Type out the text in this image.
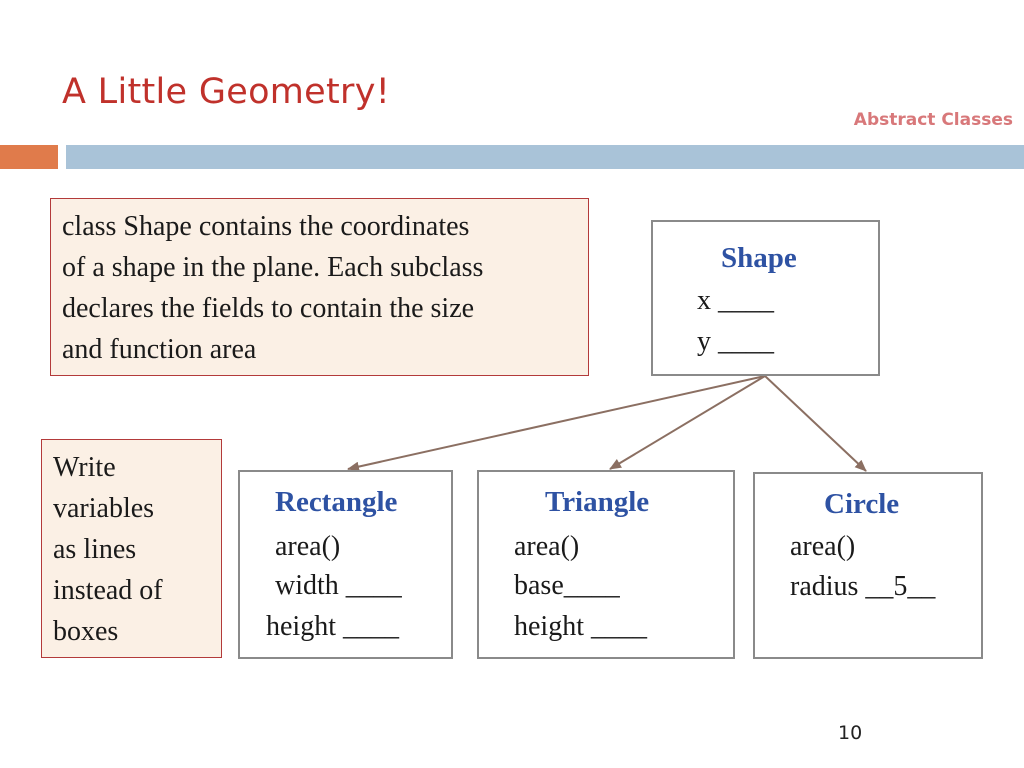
A Little Geometry!
Abstract Classes
class Shape contains the coordinates
of a shape in the plane. Each subclass
declares the fields to contain the size
and function area
Write
variables
as lines
instead of
boxes
Shape
x ____
y ____
Rectangle
area()
width ____
height ____
Triangle
area()
base____
height ____
Circle
area()
radius __5__
10
